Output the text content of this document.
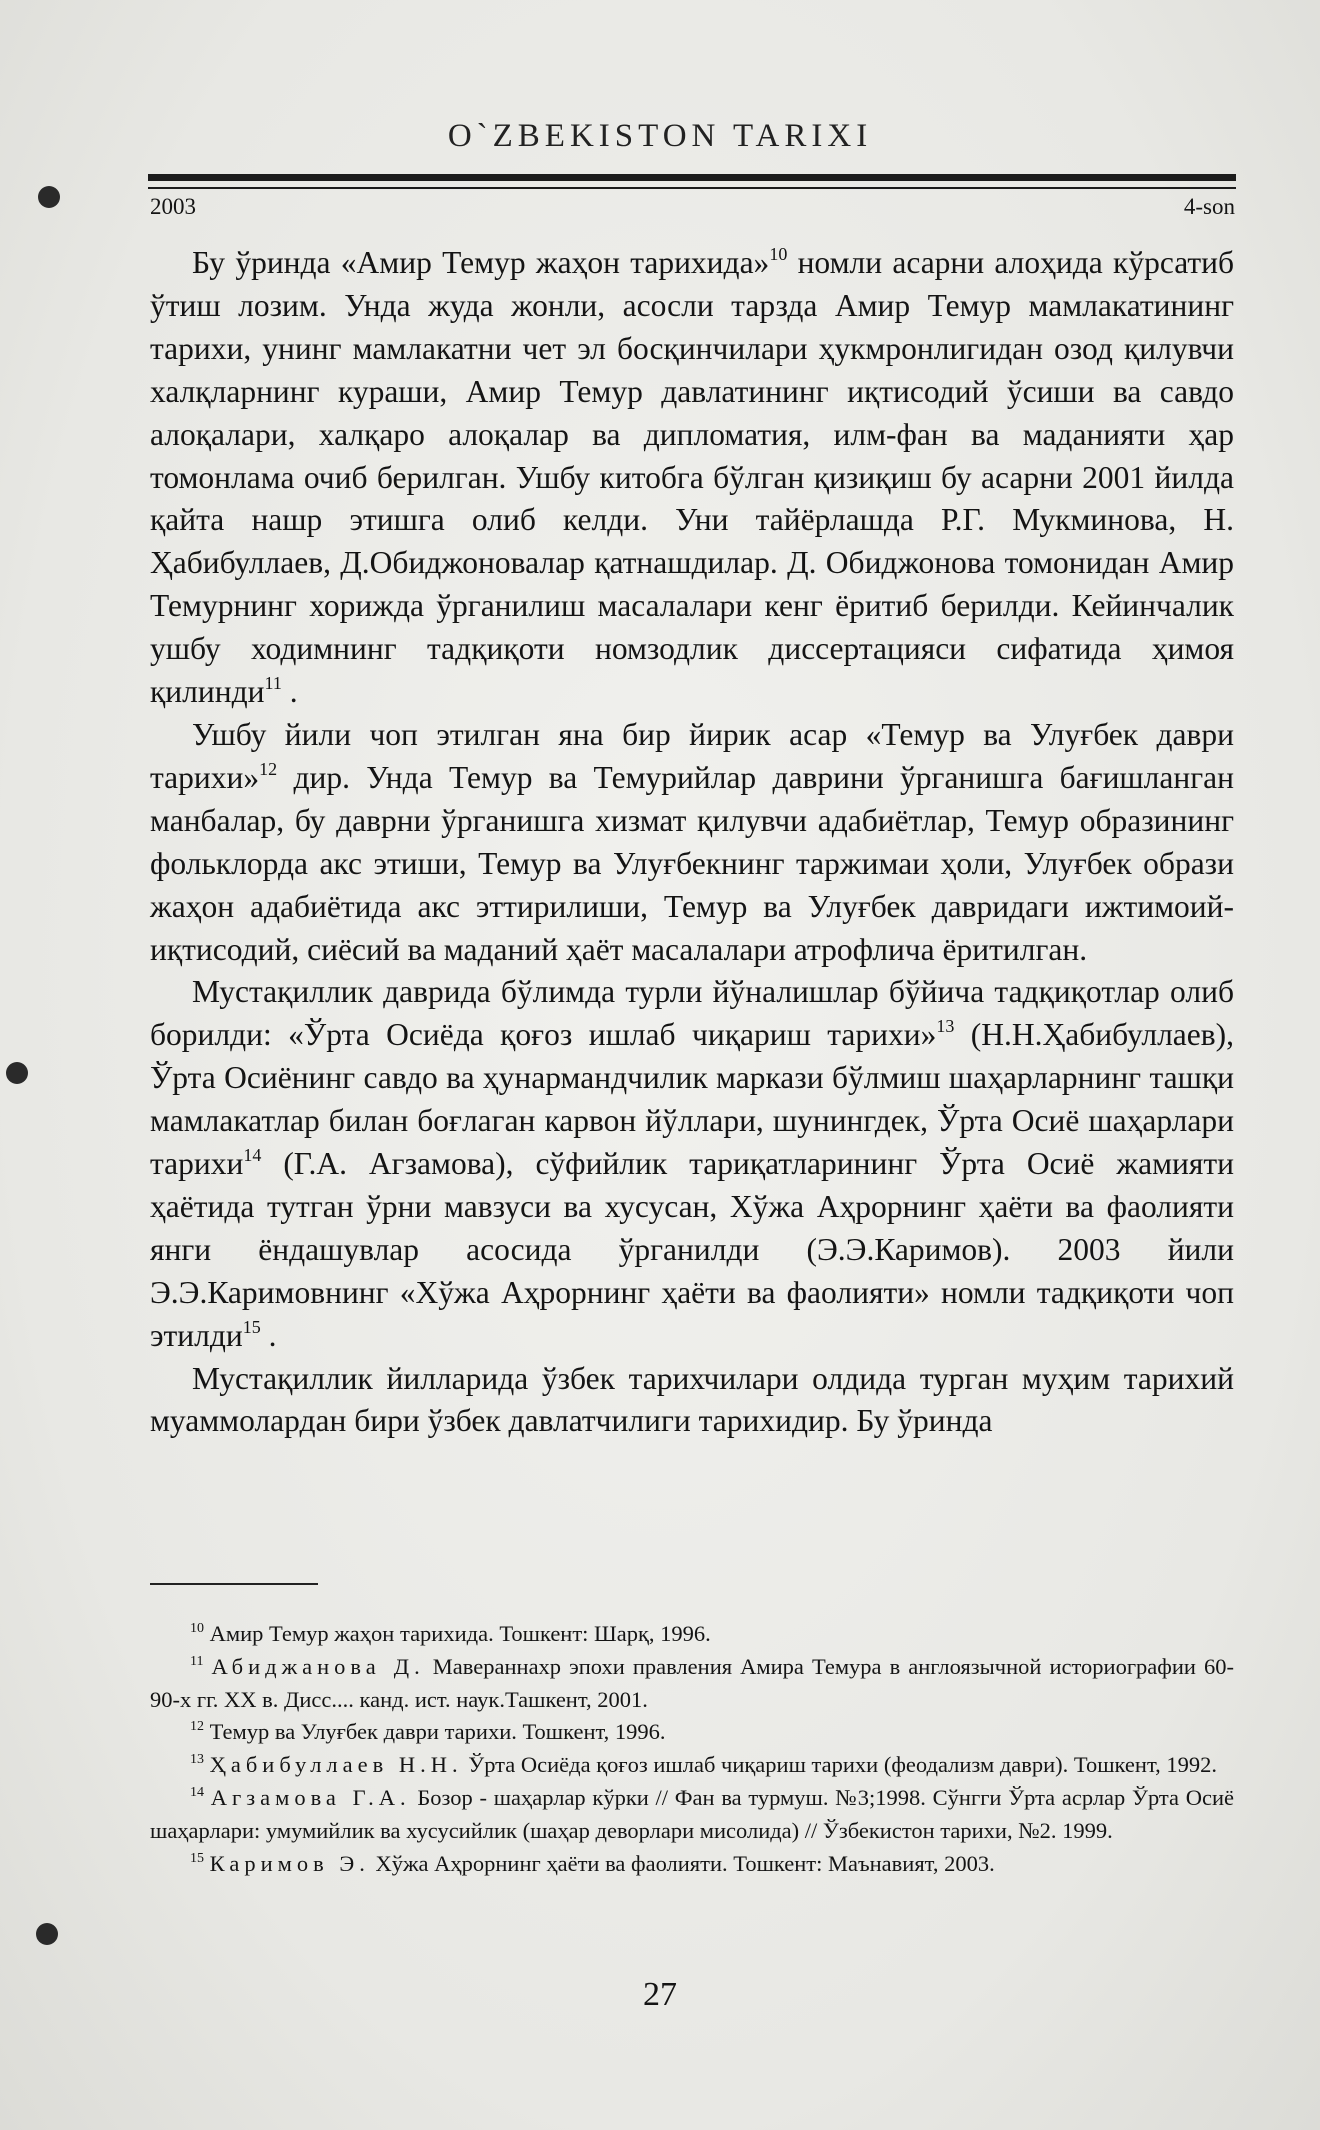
O`ZBEKISTON TARIXI
2003	4-son

Бу ўринда «Амир Темур жаҳон тарихида»$^{10}$ номли асарни алоҳида кўрсатиб ўтиш лозим. Унда жуда жонли, асосли тарзда Амир Темур мамлакатининг тарихи, унинг мамлакатни чет эл босқинчилари ҳукмронлигидан озод қилувчи халқларнинг кураши, Амир Темур давлатининг иқтисодий ўсиши ва савдо алоқалари, халқаро алоқалар ва дипломатия, илм-фан ва маданияти ҳар томонлама очиб берилган. Ушбу китобга бўлган қизиқиш бу асарни 2001 йилда қайта нашр этишга олиб келди. Уни тайёрлашда Р.Г. Мукминова, Н. Ҳабибуллаев, Д.Обиджоновалар қатнашдилар. Д. Обиджонова томонидан Амир Темурнинг хорижда ўрганилиш масалалари кенг ёритиб берилди. Кейинчалик ушбу ходимнинг тадқиқоти номзодлик диссертацияси сифатида ҳимоя қилинди$^{11}$ .

Ушбу йили чоп этилган яна бир йирик асар «Темур ва Улуғбек даври тарихи»$^{12}$ дир. Унда Темур ва Темурийлар даврини ўрганишга бағишланган манбалар, бу даврни ўрганишга хизмат қилувчи адабиётлар, Темур образининг фольклорда акс этиши, Темур ва Улуғбекнинг таржимаи ҳоли, Улуғбек образи жаҳон адабиётида акс эттирилиши, Темур ва Улуғбек давридаги ижтимоий-иқтисодий, сиёсий ва маданий ҳаёт масалалари атрофлича ёритилган.

Мустақиллик даврида бўлимда турли йўналишлар бўйича тадқиқотлар олиб борилди: «Ўрта Осиёда қоғоз ишлаб чиқариш тарихи»$^{13}$ (Н.Н.Ҳабибуллаев), Ўрта Осиёнинг савдо ва ҳунармандчилик маркази бўлмиш шаҳарларнинг ташқи мамлакатлар билан боғлаган карвон йўллари, шунингдек, Ўрта Осиё шаҳарлари тарихи$^{14}$ (Г.А. Агзамова), сўфийлик тариқатларининг Ўрта Осиё жамияти ҳаётида тутган ўрни мавзуси ва хусусан, Хўжа Аҳрорнинг ҳаёти ва фаолияти янги ёндашувлар асосида ўрганилди (Э.Э.Каримов). 2003 йили Э.Э.Каримовнинг «Хўжа Аҳрорнинг ҳаёти ва фаолияти» номли тадқиқоти чоп этилди$^{15}$ .

Мустақиллик йилларида ўзбек тарихчилари олдида турган муҳим тарихий муаммолардан бири ўзбек давлатчилиги тарихидир. Бу ўринда

$^{10}$ Амир Темур жаҳон тарихида. Тошкент: Шарқ, 1996.

$^{11}$ Абиджанова Д. Мавераннахр эпохи правления Амира Темура в англоязычной историографии 60-90-х гг. XX в. Дисс.... канд. ист. наук.Ташкент, 2001.

$^{12}$ Темур ва Улуғбек даври тарихи. Тошкент, 1996.

$^{13}$ Ҳабибуллаев Н.Н. Ўрта Осиёда қоғоз ишлаб чиқариш тарихи (феодализм даври). Тошкент, 1992.

$^{14}$ Агзамова Г.А. Бозор - шаҳарлар кўрки // Фан ва турмуш. №3;1998. Сўнгги Ўрта асрлар Ўрта Осиё шаҳарлари: умумийлик ва хусусийлик (шаҳар деворлари мисолида) // Ўзбекистон тарихи, №2. 1999.

$^{15}$ Каримов Э. Хўжа Аҳрорнинг ҳаёти ва фаолияти. Тошкент: Маънавият, 2003.

27
